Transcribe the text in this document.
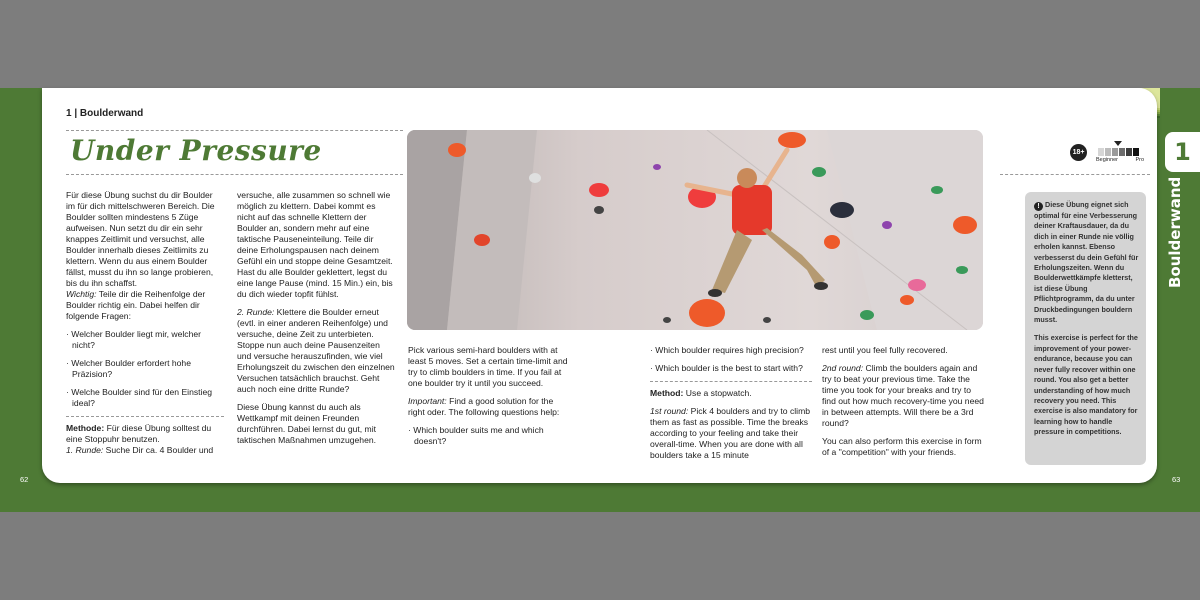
1
Boulderwand
1 | Boulderwand
Under Pressure

Für diese Übung suchst du dir Boulder im für dich mittelschweren Bereich. Die Boulder sollten mindestens 5 Züge aufweisen. Nun setzt du dir ein sehr knappes Zeitlimit und versuchst, alle Boulder innerhalb dieses Zeitlimits zu klettern. Wenn du aus einem Boulder fällst, musst du ihn so lange probieren, bis du ihn schaffst.
Wichtig: Teile dir die Reihenfolge der Boulder richtig ein. Dabei helfen dir folgende Fragen:

· Welcher Boulder liegt mir, welcher nicht?
· Welcher Boulder erfordert hohe Präzision?
· Welche Boulder sind für den Einstieg ideal?

Methode: Für diese Übung solltest du eine Stoppuhr benutzen.
1. Runde: Suche Dir ca. 4 Boulder und

versuche, alle zusammen so schnell wie möglich zu klettern. Dabei kommt es nicht auf das schnelle Klettern der Boulder an, sondern mehr auf eine taktische Pauseneinteilung. Teile dir deine Erholungspausen nach deinem Gefühl ein und stoppe deine Gesamtzeit. Hast du alle Boulder geklettert, legst du eine lange Pause (mind. 15 Min.) ein, bis du dich wieder topfit fühlst.

2. Runde: Klettere die Boulder erneut (evtl. in einer anderen Reihenfolge) und versuche, deine Zeit zu unterbieten. Stoppe nun auch deine Pausenzeiten und versuche herauszufinden, wie viel Erholungszeit du zwischen den einzelnen Versuchen tatsächlich brauchst. Geht auch noch eine dritte Runde?

Diese Übung kannst du auch als Wettkampf mit deinen Freunden durchführen. Dabei lernst du gut, mit taktischen Maßnahmen umzugehen.

Pick various semi-hard boulders with at least 5 moves. Set a certain time-limit and try to climb boulders in time. If you fail at one boulder try it until you succeed.

Important: Find a good solution for the right oder. The following questions help:

· Which boulder suits me and which doesn't?
· Which boulder requires high precision?
· Which boulder is the best to start with?

Method: Use a stopwatch.

1st round: Pick 4 boulders and try to climb them as fast as possible. Time the breaks according to your feeling and take their overall-time. When you are done with all boulders take a 15 minute

rest until you feel fully recovered.

2nd round: Climb the boulders again and try to beat your previous time. Take the time you took for your breaks and try to find out how much recovery-time you need in between attempts. Will there be a 3rd round?

You can also perform this exercise in form of a "competition" with your friends.

18+
Beginner	Pro

! Diese Übung eignet sich optimal für eine Verbesserung deiner Kraftausdauer, da du dich in einer Runde nie völlig erholen kannst. Ebenso verbesserst du dein Gefühl für Erholungszeiten. Wenn du Boulderwettkämpfe kletterst, ist diese Übung Pflichtprogramm, da du unter Druckbedingungen bouldern musst.

This exercise is perfect for the improvement of your power-endurance, because you can never fully recover within one round. You also get a better understanding of how much recovery you need. This exercise is also mandatory for learning how to handle pressure in competitions.

62	63
